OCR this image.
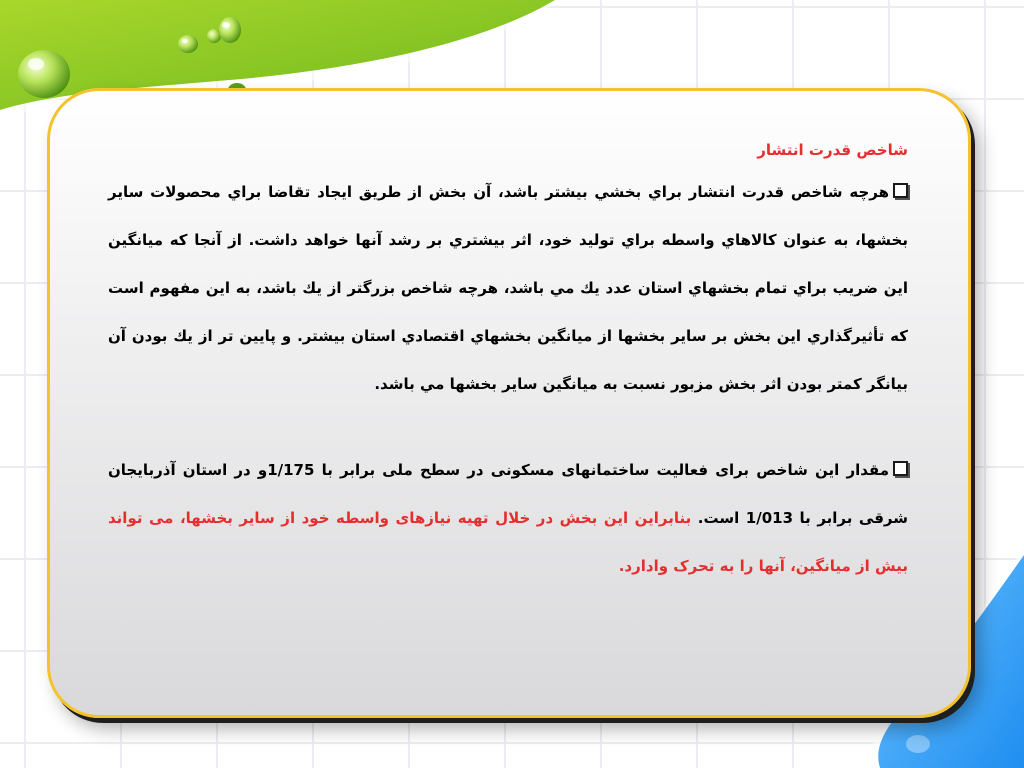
شاخص قدرت انتشار

هرچه شاخص قدرت انتشار براي بخشي بيشتر باشد، آن بخش از طريق ايجاد تقاضا براي محصولات ساير بخشها، به عنوان كالاهاي واسطه براي توليد خود، اثر بيشتري بر رشد آنها خواهد داشت. از آنجا كه ميانگين اين ضريب براي تمام بخشهاي استان عدد يك مي باشد، هرچه شاخص بزرگتر از يك باشد، به اين مفهوم است كه تأثيرگذاري اين بخش بر ساير بخشها از ميانگين بخشهاي اقتصادي استان بيشتر. و پايين تر از يك بودن آن بيانگر كمتر بودن اثر بخش مزبور نسبت به ميانگين ساير بخشها مي باشد.

مقدار این شاخص برای فعالیت ساختمانهای مسکونی در سطح ملی برابر با 1/175و در استان آذربایجان شرقی برابر با 1/013 است. بنابراین این بخش در خلال تهیه نیازهای واسطه خود از سایر بخشها، می تواند بیش از میانگین، آنها را به تحرک وادارد.
